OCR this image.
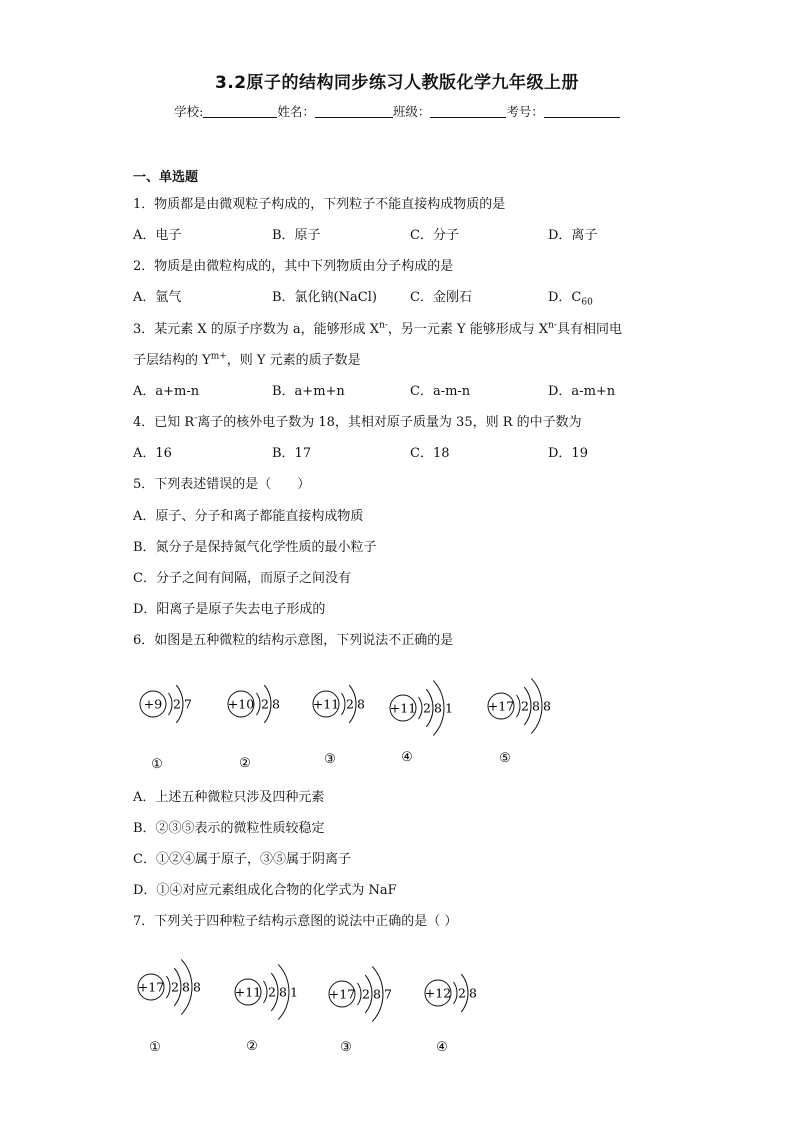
3.2原子的结构同步练习人教版化学九年级上册
学校:	姓名：	班级：	考号：
一、单选题
1．物质都是由微观粒子构成的，下列粒子不能直接构成物质的是
A．电子	B．原子	C．分子	D．离子
2．物质是由微粒构成的，其中下列物质由分子构成的是
A．氩气	B．氯化钠(NaCl)	C．金刚石	D．$C_{60}$
3．某元素 X 的原子序数为 a，能够形成 $X^{n-}$，另一元素 Y 能够形成与 $X^{n-}$具有相同电
子层结构的 $Y^{m+}$，则 Y 元素的质子数是
A．a+m-n	B．a+m+n	C．a-m-n	D．a-m+n
4．已知 R-离子的核外电子数为 18，其相对原子质量为 35，则 R 的中子数为
A．16	B．17	C．18	D．19
5．下列表述错误的是（　　）
A．原子、分子和离子都能直接构成物质
B．氮分子是保持氮气化学性质的最小粒子
C．分子之间有间隔，而原子之间没有
D．阳离子是原子失去电子形成的
6．如图是五种微粒的结构示意图，下列说法不正确的是
+9 2 7
①
+10 2 8
②
+11 2 8
③
+11 2 8 1
④
+17 2 8 8
⑤
A．上述五种微粒只涉及四种元素
B．②③⑤表示的微粒性质较稳定
C．①②④属于原子，③⑤属于阴离子
D．①④对应元素组成化合物的化学式为 NaF
7．下列关于四种粒子结构示意图的说法中正确的是（ ）
+17 2 8 8
①
+11 2 8 1
②
+17 2 8 7
③
+12 2 8
④
